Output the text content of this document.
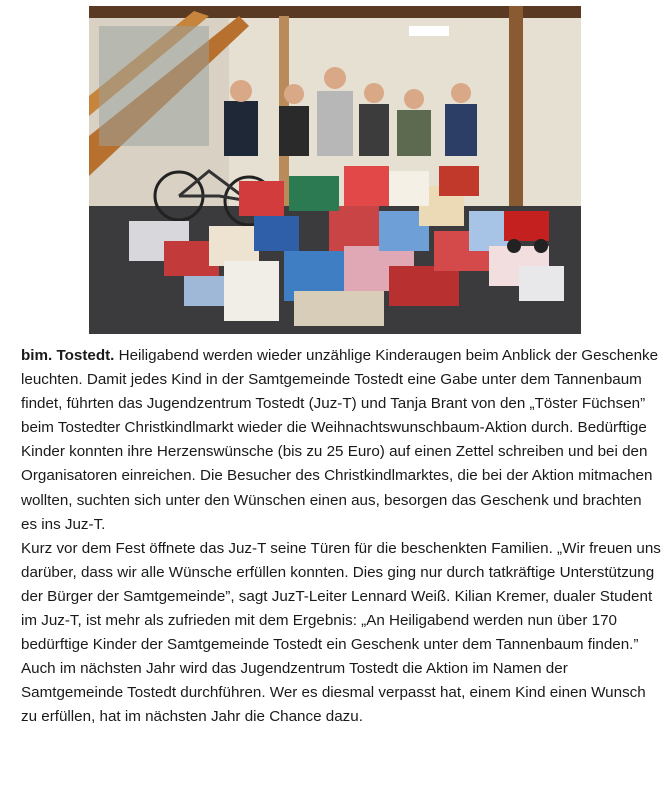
bim. Tostedt. Heiligabend werden wieder unzählige Kinderaugen beim Anblick der Geschenke leuchten. Damit jedes Kind in der Samtgemeinde Tostedt eine Gabe unter dem Tannenbaum findet, führten das Jugendzentrum Tostedt (Juz-T) und Tanja Brant von den „Töster Füchsen” beim Tostedter Christkindlmarkt wieder die Weihnachtswunschbaum-Aktion durch. Bedürftige Kinder konnten ihre Herzenswünsche (bis zu 25 Euro) auf einen Zettel schreiben und bei den Organisatoren einreichen. Die Besucher des Christkindlmarktes, die bei der Aktion mitmachen wollten, suchten sich unter den Wünschen einen aus, besorgen das Geschenk und brachten es ins Juz-T.

Kurz vor dem Fest öffnete das Juz-T seine Türen für die beschenkten Familien. „Wir freuen uns darüber, dass wir alle Wünsche erfüllen konnten. Dies ging nur durch tatkräftige Unterstützung der Bürger der Samtgemeinde”, sagt JuzT-Leiter Lennard Weiß. Kilian Kremer, dualer Student im Juz-T, ist mehr als zufrieden mit dem Ergebnis: „An Heiligabend werden nun über 170 bedürftige Kinder der Samtgemeinde Tostedt ein Geschenk unter dem Tannenbaum finden.”

Auch im nächsten Jahr wird das Jugendzentrum Tostedt die Aktion im Namen der Samtgemeinde Tostedt durchführen. Wer es diesmal verpasst hat, einem Kind einen Wunsch zu erfüllen, hat im nächsten Jahr die Chance dazu.
